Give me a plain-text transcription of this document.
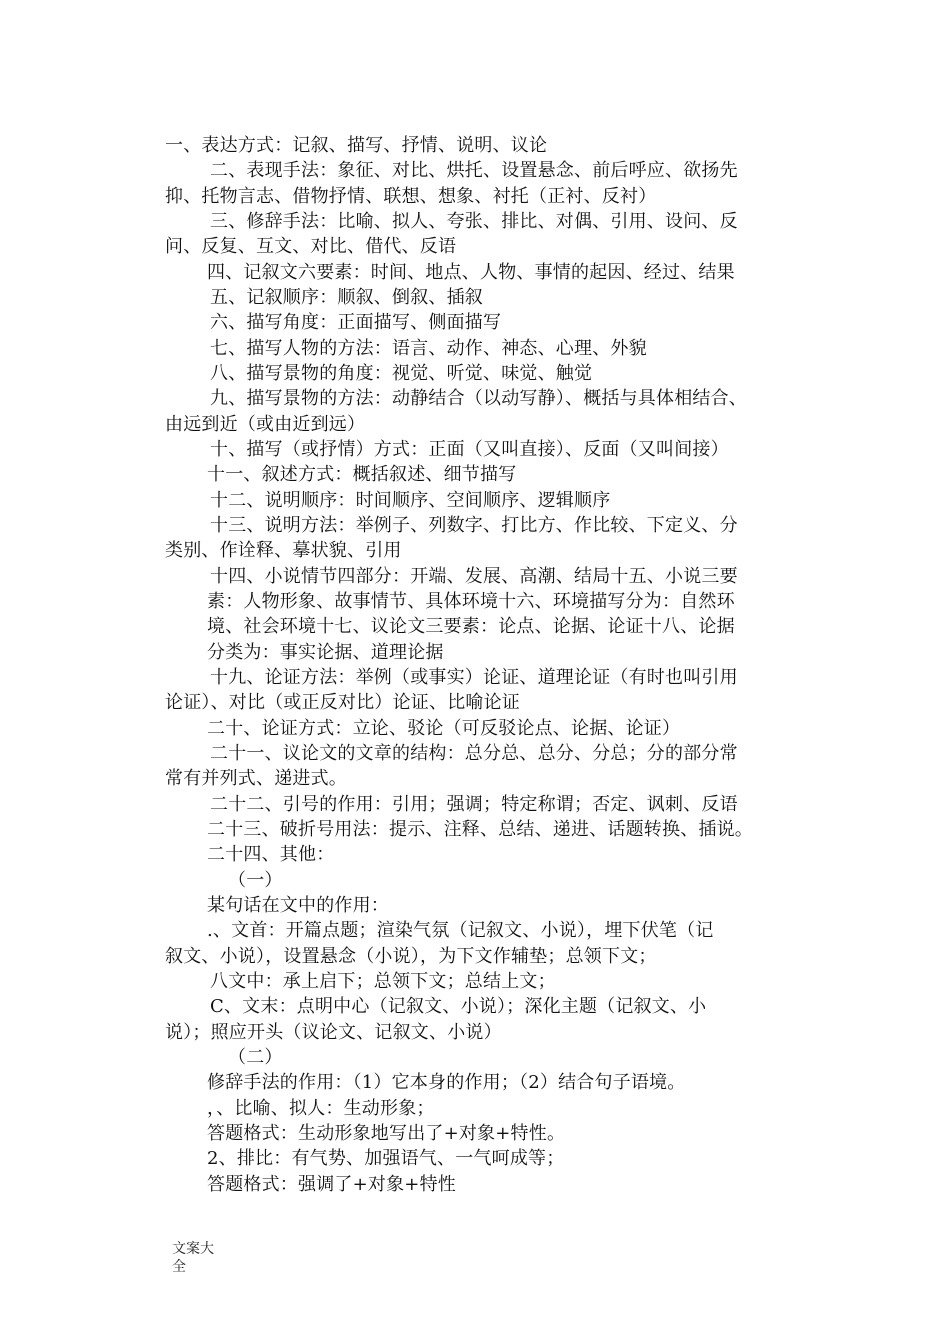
一、表达方式：记叙、描写、抒情、说明、议论
二、表现手法：象征、对比、烘托、设置悬念、前后呼应、欲扬先
抑、托物言志、借物抒情、联想、想象、衬托（正衬、反衬）
三、修辞手法：比喻、拟人、夸张、排比、对偶、引用、设问、反
问、反复、互文、对比、借代、反语
四、记叙文六要素：时间、地点、人物、事情的起因、经过、结果
五、记叙顺序：顺叙、倒叙、插叙
六、描写角度：正面描写、侧面描写
七、描写人物的方法：语言、动作、神态、心理、外貌
八、描写景物的角度：视觉、听觉、味觉、触觉
九、描写景物的方法：动静结合（以动写静）、概括与具体相结合、
由远到近（或由近到远）
十、描写（或抒情）方式：正面（又叫直接）、反面（又叫间接）
十一、叙述方式：概括叙述、细节描写
十二、说明顺序：时间顺序、空间顺序、逻辑顺序
十三、说明方法：举例子、列数字、打比方、作比较、下定义、分
类别、作诠释、摹状貌、引用
十四、小说情节四部分：开端、发展、高潮、结局十五、小说三要
素：人物形象、故事情节、具体环境十六、环境描写分为：自然环
境、社会环境十七、议论文三要素：论点、论据、论证十八、论据
分类为：事实论据、道理论据
十九、论证方法：举例（或事实）论证、道理论证（有时也叫引用
论证）、对比（或正反对比）论证、比喻论证
二十、论证方式：立论、驳论（可反驳论点、论据、论证）
二十一、议论文的文章的结构：总分总、总分、分总；分的部分常
常有并列式、递进式。
二十二、引号的作用：引用；强调；特定称谓；否定、讽刺、反语
二十三、破折号用法：提示、注释、总结、递进、话题转换、插说。
二十四、其他：
（一）
某句话在文中的作用：
.、文首：开篇点题；渲染气氛（记叙文、小说），埋下伏笔（记
叙文、小说），设置悬念（小说），为下文作辅垫；总领下文；
八文中：承上启下；总领下文；总结上文；
C、文末：点明中心（记叙文、小说）；深化主题（记叙文、小
说）；照应开头（议论文、记叙文、小说）
（二）
修辞手法的作用：（1）它本身的作用；（2）结合句子语境。
，、比喻、拟人：生动形象；
答题格式：生动形象地写出了+对象+特性。
2、排比：有气势、加强语气、一气呵成等；
答题格式：强调了+对象+特性
文案大
全
